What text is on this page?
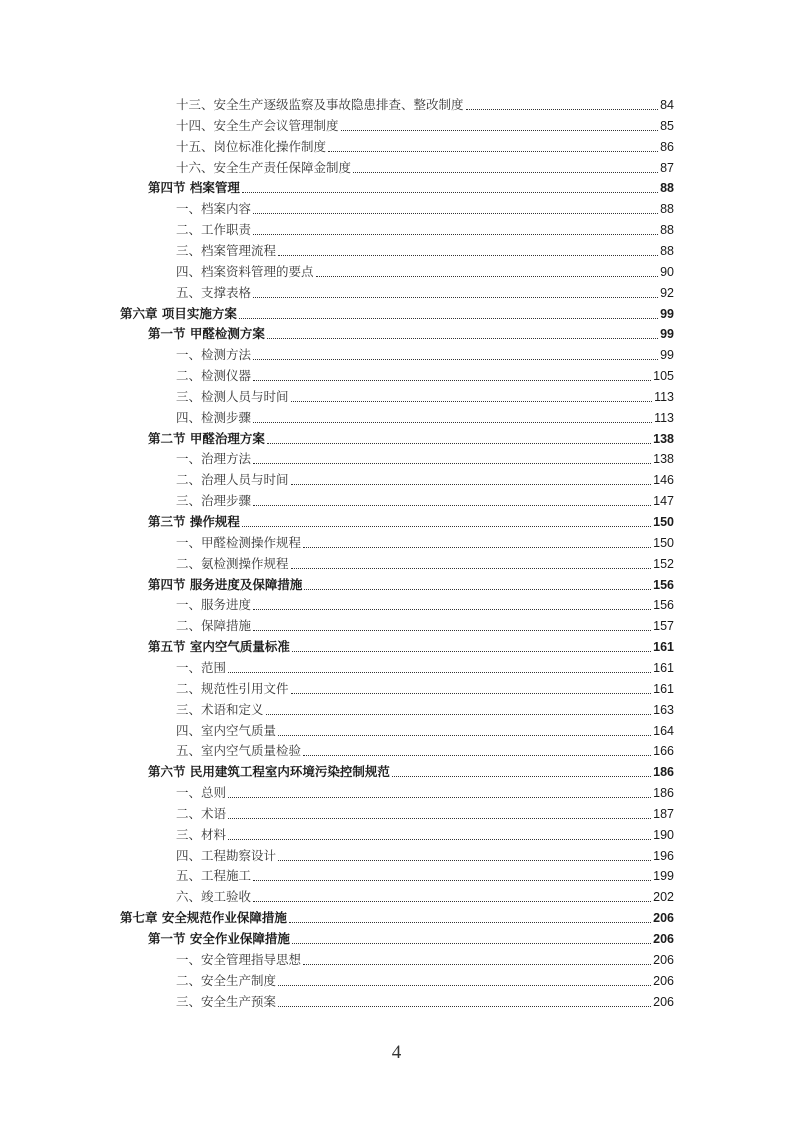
十三、安全生产逐级监察及事故隐患排查、整改制度	84
十四、安全生产会议管理制度	85
十五、岗位标准化操作制度	86
十六、安全生产责任保障金制度	87
第四节 档案管理	88
一、档案内容	88
二、工作职责	88
三、档案管理流程	88
四、档案资料管理的要点	90
五、支撑表格	92
第六章 项目实施方案	99
第一节 甲醛检测方案	99
一、检测方法	99
二、检测仪器	105
三、检测人员与时间	113
四、检测步骤	113
第二节 甲醛治理方案	138
一、治理方法	138
二、治理人员与时间	146
三、治理步骤	147
第三节 操作规程	150
一、甲醛检测操作规程	150
二、氨检测操作规程	152
第四节 服务进度及保障措施	156
一、服务进度	156
二、保障措施	157
第五节 室内空气质量标准	161
一、范围	161
二、规范性引用文件	161
三、术语和定义	163
四、室内空气质量	164
五、室内空气质量检验	166
第六节 民用建筑工程室内环境污染控制规范	186
一、总则	186
二、术语	187
三、材料	190
四、工程勘察设计	196
五、工程施工	199
六、竣工验收	202
第七章 安全规范作业保障措施	206
第一节 安全作业保障措施	206
一、安全管理指导思想	206
二、安全生产制度	206
三、安全生产预案	206
4
